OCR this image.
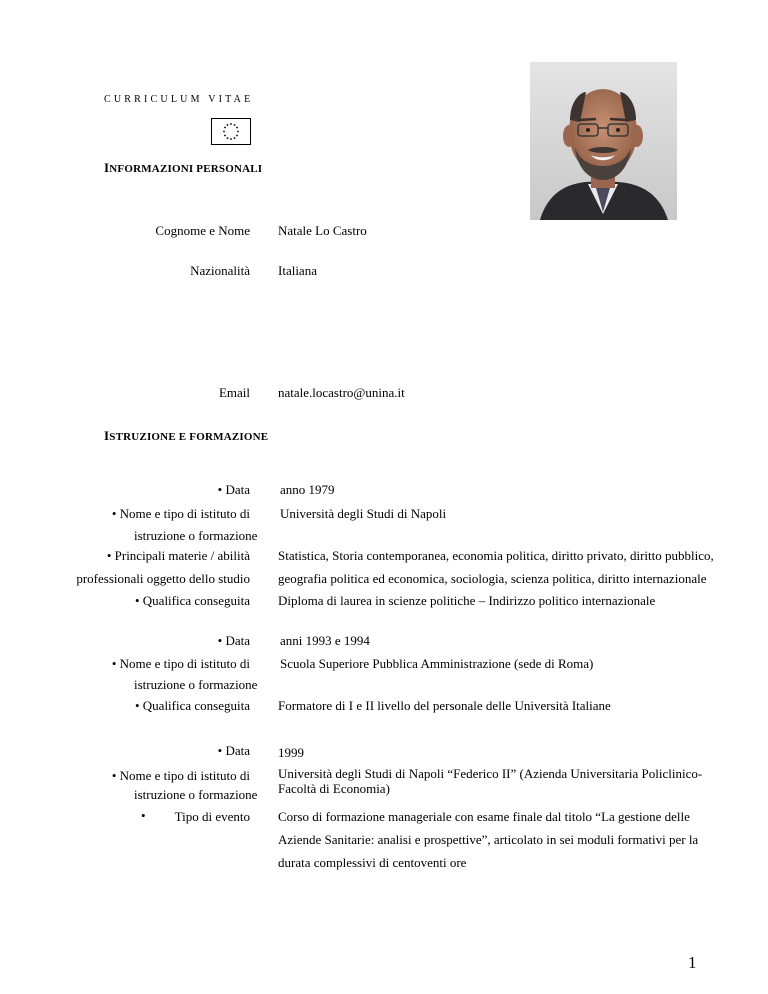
CURRICULUM VITAE
INFORMAZIONI PERSONALI
Cognome e Nome Natale Lo Castro
Nazionalità Italiana
Email natale.locastro@unina.it
ISTRUZIONE E FORMAZIONE
• Data anno 1979
• Nome e tipo di istituto di
istruzione o formazione
Università degli Studi di Napoli
• Principali materie / abilità
professionali oggetto dello studio
Statistica, Storia contemporanea, economia politica, diritto privato, diritto pubblico,
geografia politica ed economica, sociologia, scienza politica, diritto internazionale
• Qualifica conseguita Diploma di laurea in scienze politiche – Indirizzo politico internazionale
• Data anni 1993 e 1994
• Nome e tipo di istituto di
istruzione o formazione
Scuola Superiore Pubblica Amministrazione (sede di Roma)
• Qualifica conseguita Formatore di I e II livello del personale delle Università Italiane
• Data 1999
• Nome e tipo di istituto di
istruzione o formazione
Università degli Studi di Napoli “Federico II” (Azienda Universitaria Policlinico-
Facoltà di Economia)
• Tipo di evento Corso di formazione manageriale con esame finale dal titolo “La gestione delle
Aziende Sanitarie: analisi e prospettive”, articolato in sei moduli formativi per la
durata complessivi di centoventi ore
1
